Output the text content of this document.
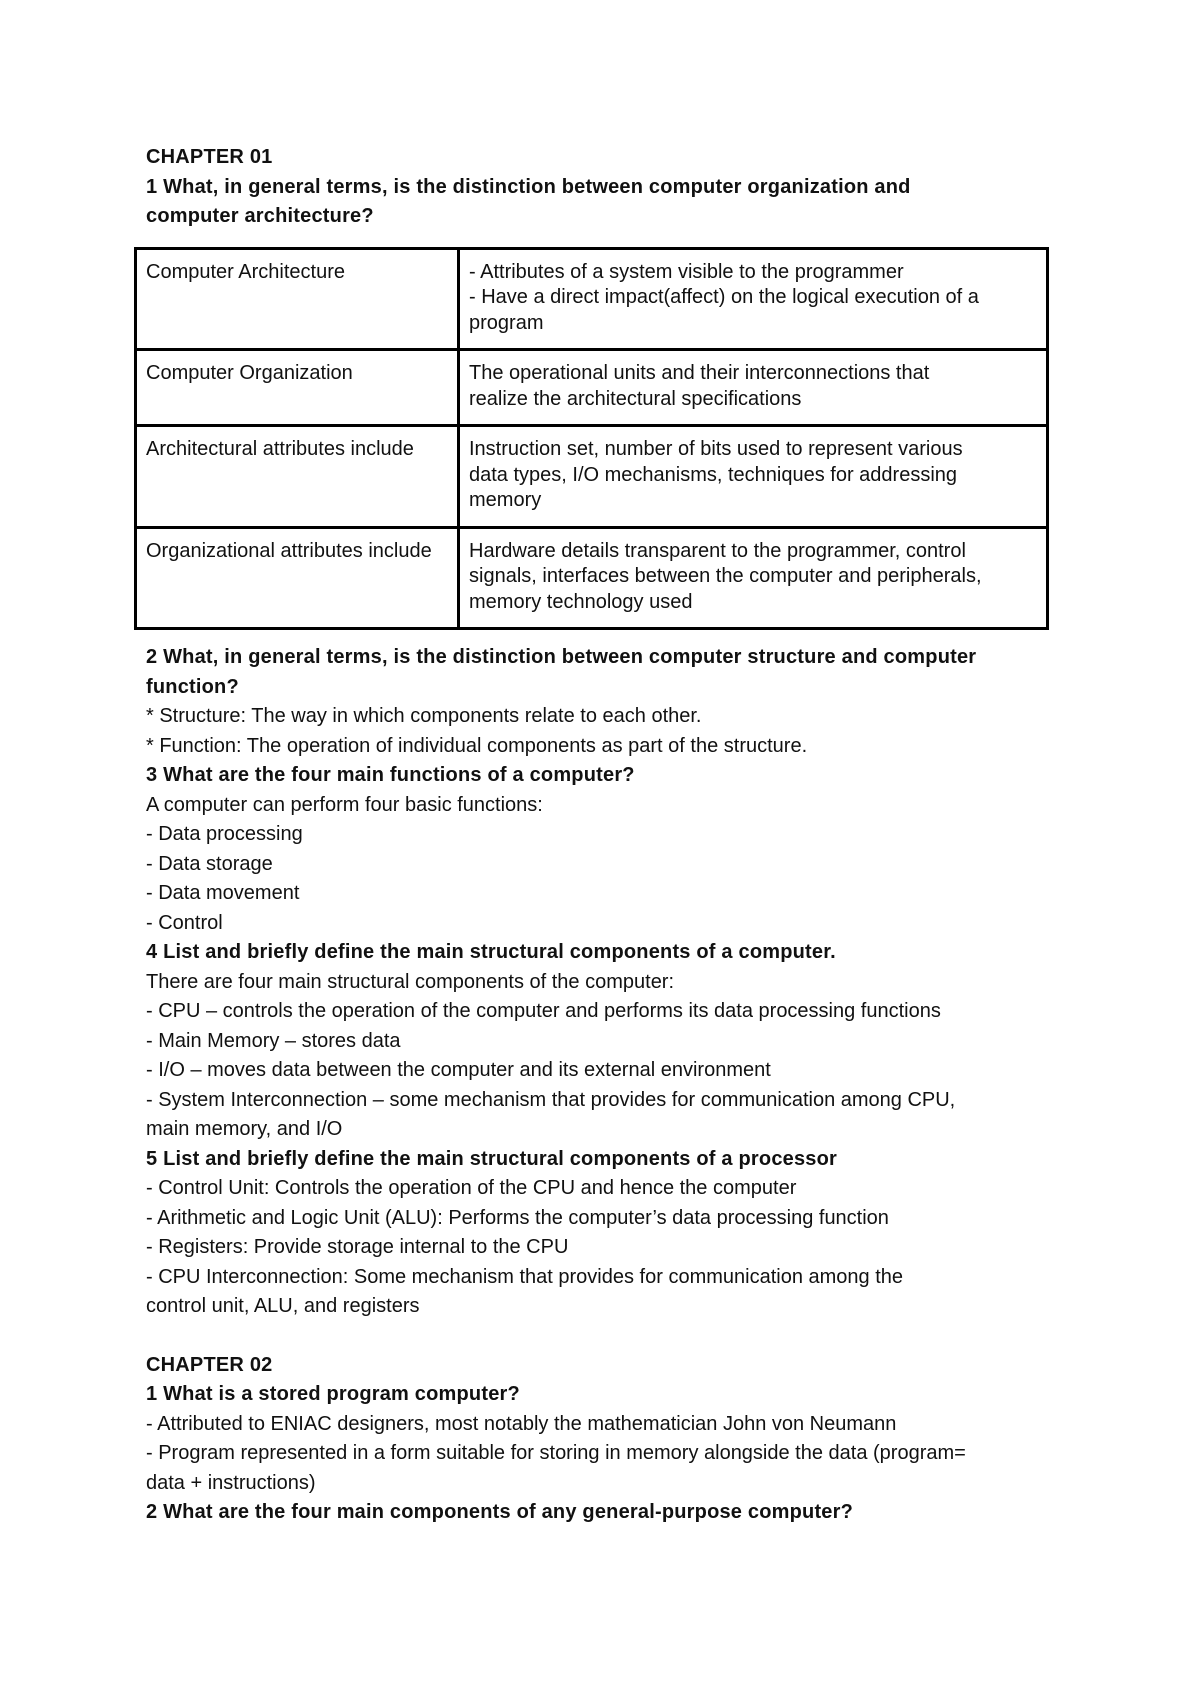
CHAPTER 01
1 What, in general terms, is the distinction between computer organization and
computer architecture?
Computer Architecture	- Attributes of a system visible to the programmer
- Have a direct impact(affect) on the logical execution of a
program

Computer Organization	The operational units and their interconnections that
realize the architectural specifications

Architectural attributes include	Instruction set, number of bits used to represent various
data types, I/O mechanisms, techniques for addressing
memory

Organizational attributes include	Hardware details transparent to the programmer, control
signals, interfaces between the computer and peripherals,
memory technology used
2 What, in general terms, is the distinction between computer structure and computer
function?
* Structure: The way in which components relate to each other.
* Function: The operation of individual components as part of the structure.
3 What are the four main functions of a computer?
A computer can perform four basic functions:
- Data processing
- Data storage
- Data movement
- Control
4 List and briefly define the main structural components of a computer.
There are four main structural components of the computer:
- CPU – controls the operation of the computer and performs its data processing functions
- Main Memory – stores data
- I/O – moves data between the computer and its external environment
- System Interconnection – some mechanism that provides for communication among CPU,
main memory, and I/O
5 List and briefly define the main structural components of a processor
- Control Unit: Controls the operation of the CPU and hence the computer
- Arithmetic and Logic Unit (ALU): Performs the computer’s data processing function
- Registers: Provide storage internal to the CPU
- CPU Interconnection: Some mechanism that provides for communication among the
control unit, ALU, and registers
CHAPTER 02
1 What is a stored program computer?
- Attributed to ENIAC designers, most notably the mathematician John von Neumann
- Program represented in a form suitable for storing in memory alongside the data (program=
data + instructions)
2 What are the four main components of any general-purpose computer?
